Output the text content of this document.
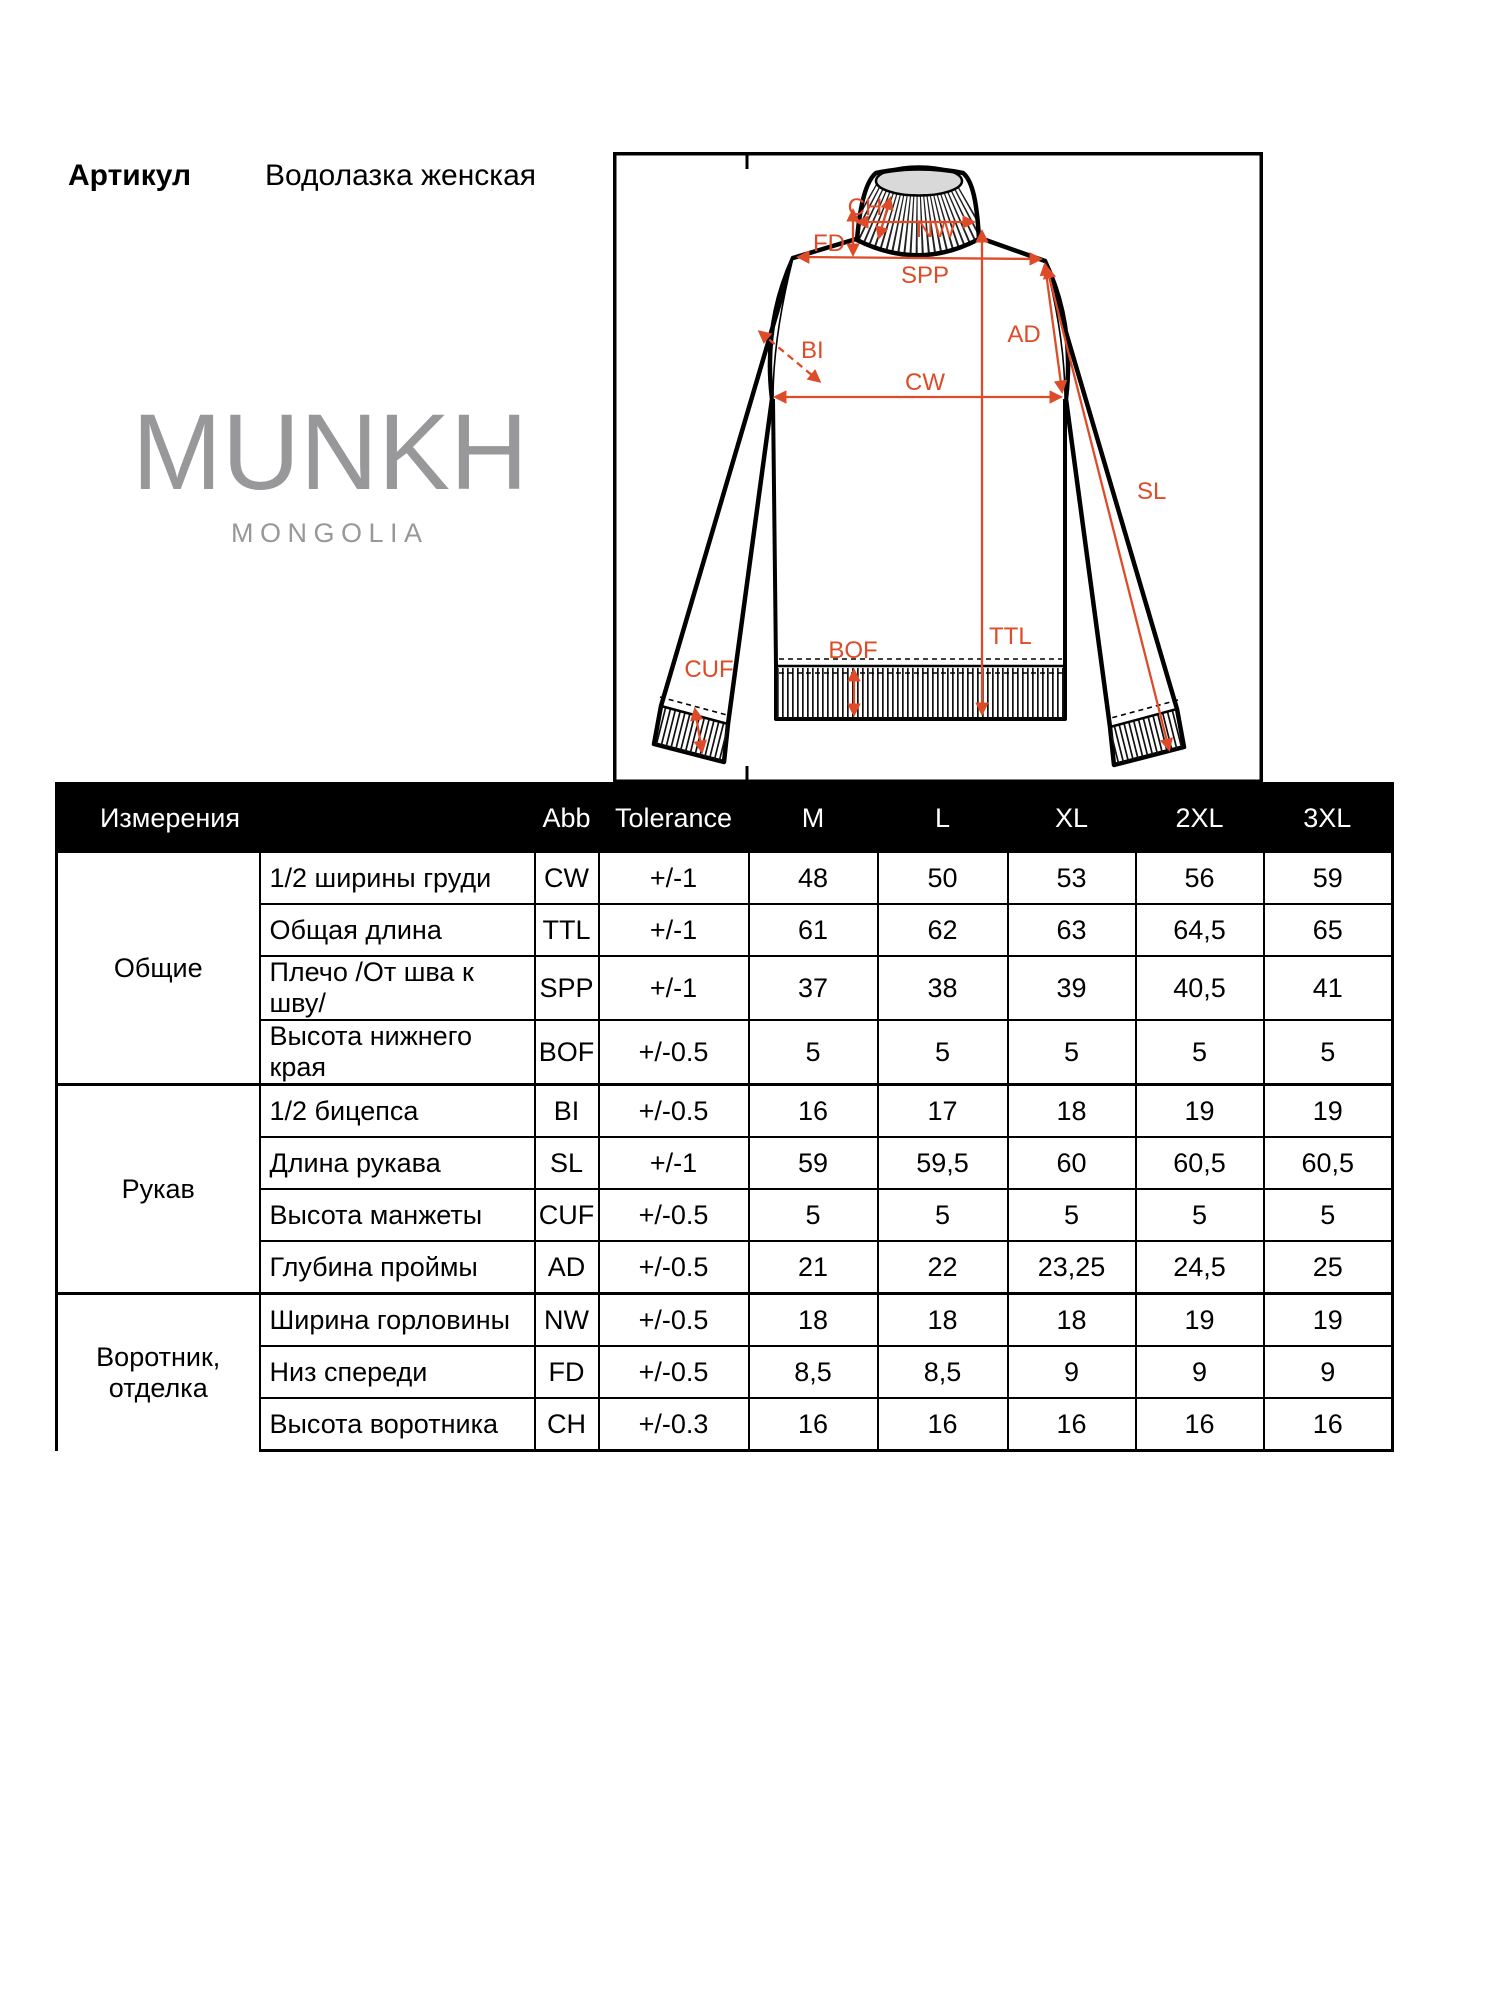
Артикул Водолазка женская
MUNKH
MONGOLIA
CH
NW
FD
SPP
AD
BI
CW
SL
TTL
BOF
CUF
Измерения		Abb	Tolerance	M	L	XL	2XL	3XL
Общие	1/2 ширины груди	CW	+/-1	48	50	53	56	59
	Общая длина	TTL	+/-1	61	62	63	64,5	65
	Плечо /От шва к шву/	SPP	+/-1	37	38	39	40,5	41
	Высота нижнего края	BOF	+/-0.5	5	5	5	5	5
Рукав	1/2 бицепса	BI	+/-0.5	16	17	18	19	19
	Длина рукава	SL	+/-1	59	59,5	60	60,5	60,5
	Высота манжеты	CUF	+/-0.5	5	5	5	5	5
	Глубина проймы	AD	+/-0.5	21	22	23,25	24,5	25
Воротник, отделка	Ширина горловины	NW	+/-0.5	18	18	18	19	19
	Низ спереди	FD	+/-0.5	8,5	8,5	9	9	9
	Высота воротника	CH	+/-0.3	16	16	16	16	16
